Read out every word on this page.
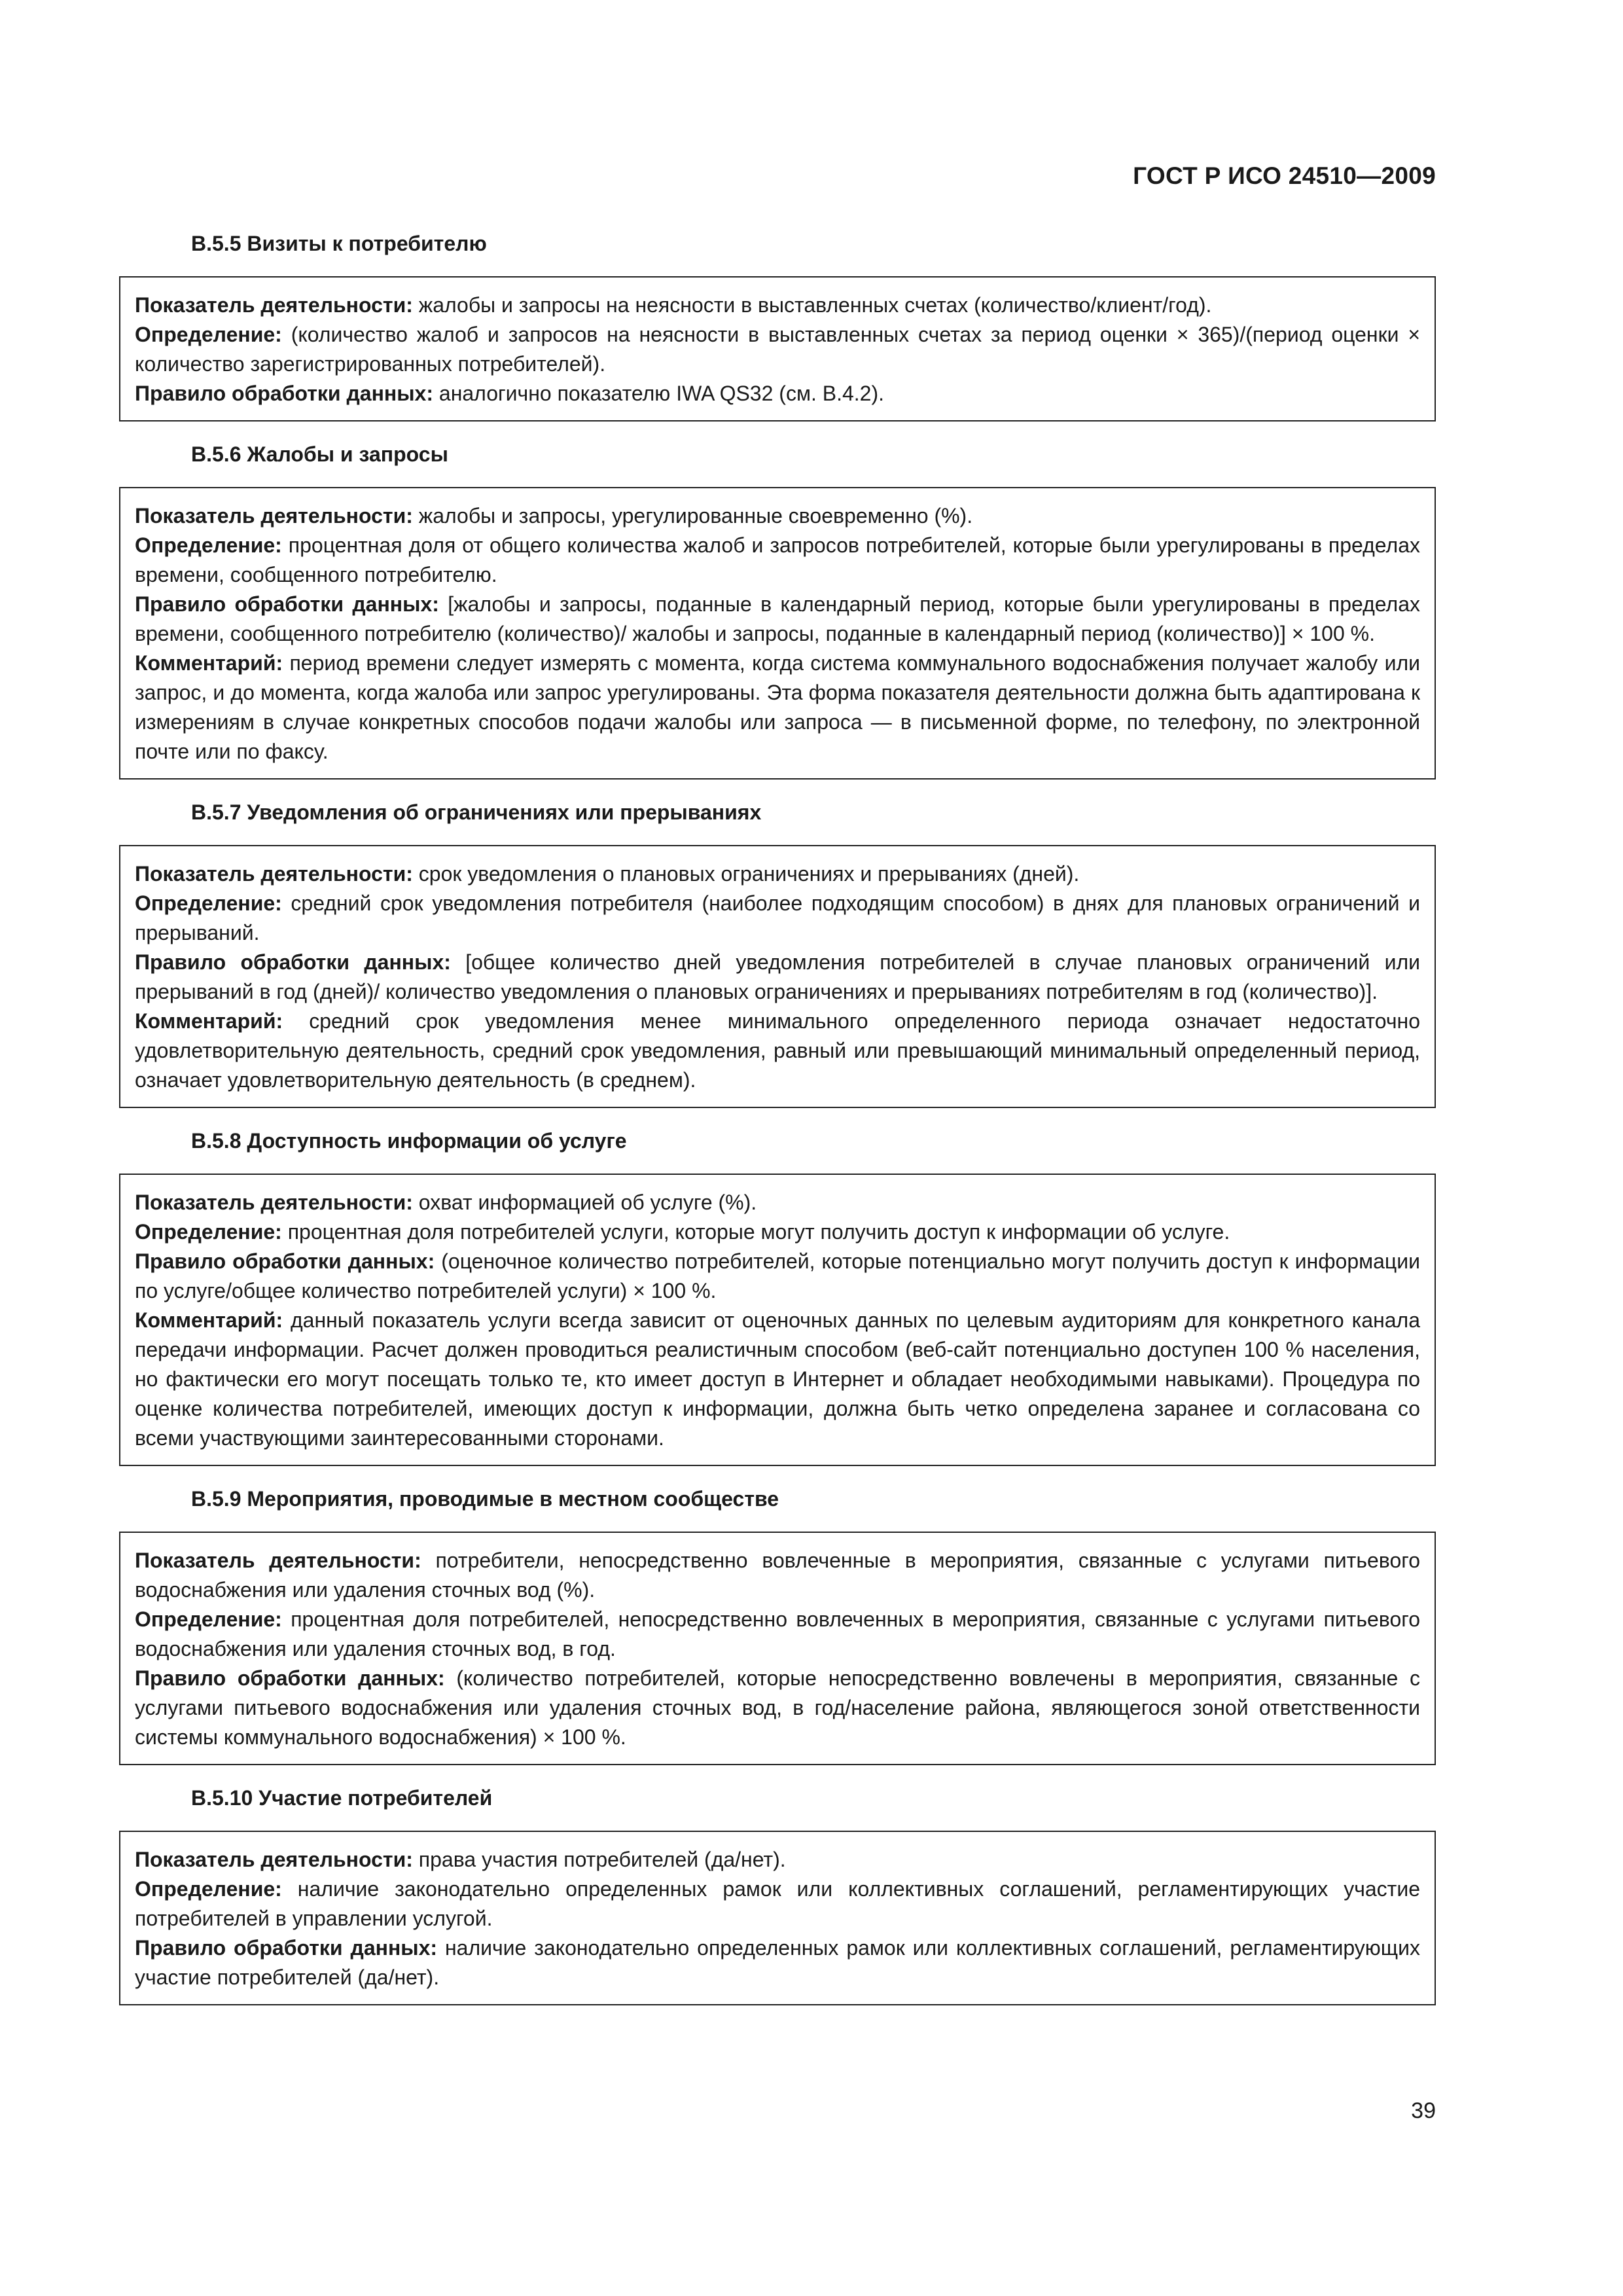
ГОСТ Р ИСО 24510—2009
B.5.5 Визиты к потребителю

Показатель деятельности: жалобы и запросы на неясности в выставленных счетах (количество/клиент/год).

Определение: (количество жалоб и запросов на неясности в выставленных счетах за период оценки × 365)/(период оценки × количество зарегистрированных потребителей).

Правило обработки данных: аналогично показателю IWA QS32 (см. B.4.2).

B.5.6 Жалобы и запросы

Показатель деятельности: жалобы и запросы, урегулированные своевременно (%).

Определение: процентная доля от общего количества жалоб и запросов потребителей, которые были урегулированы в пределах времени, сообщенного потребителю.

Правило обработки данных: [жалобы и запросы, поданные в календарный период, которые были урегулированы в пределах времени, сообщенного потребителю (количество)/ жалобы и запросы, поданные в календарный период (количество)] × 100 %.

Комментарий: период времени следует измерять с момента, когда система коммунального водоснабжения получает жалобу или запрос, и до момента, когда жалоба или запрос урегулированы. Эта форма показателя деятельности должна быть адаптирована к измерениям в случае конкретных способов подачи жалобы или запроса — в письменной форме, по телефону, по электронной почте или по факсу.

B.5.7 Уведомления об ограничениях или прерываниях

Показатель деятельности: срок уведомления о плановых ограничениях и прерываниях (дней).

Определение: средний срок уведомления потребителя (наиболее подходящим способом) в днях для плановых ограничений и прерываний.

Правило обработки данных: [общее количество дней уведомления потребителей в случае плановых ограничений или прерываний в год (дней)/ количество уведомления о плановых ограничениях и прерываниях потребителям в год (количество)].

Комментарий: средний срок уведомления менее минимального определенного периода означает недостаточно удовлетворительную деятельность, средний срок уведомления, равный или превышающий минимальный определенный период, означает удовлетворительную деятельность (в среднем).

B.5.8 Доступность информации об услуге

Показатель деятельности: охват информацией об услуге (%).

Определение: процентная доля потребителей услуги, которые могут получить доступ к информации об услуге.

Правило обработки данных: (оценочное количество потребителей, которые потенциально могут получить доступ к информации по услуге/общее количество потребителей услуги) × 100 %.

Комментарий: данный показатель услуги всегда зависит от оценочных данных по целевым аудиториям для конкретного канала передачи информации. Расчет должен проводиться реалистичным способом (веб-сайт потенциально доступен 100 % населения, но фактически его могут посещать только те, кто имеет доступ в Интернет и обладает необходимыми навыками). Процедура по оценке количества потребителей, имеющих доступ к информации, должна быть четко определена заранее и согласована со всеми участвующими заинтересованными сторонами.

B.5.9 Мероприятия, проводимые в местном сообществе

Показатель деятельности: потребители, непосредственно вовлеченные в мероприятия, связанные с услугами питьевого водоснабжения или удаления сточных вод (%).

Определение: процентная доля потребителей, непосредственно вовлеченных в мероприятия, связанные с услугами питьевого водоснабжения или удаления сточных вод, в год.

Правило обработки данных: (количество потребителей, которые непосредственно вовлечены в мероприятия, связанные с услугами питьевого водоснабжения или удаления сточных вод, в год/население района, являющегося зоной ответственности системы коммунального водоснабжения) × 100 %.

B.5.10 Участие потребителей

Показатель деятельности: права участия потребителей (да/нет).

Определение: наличие законодательно определенных рамок или коллективных соглашений, регламентирующих участие потребителей в управлении услугой.

Правило обработки данных: наличие законодательно определенных рамок или коллективных соглашений, регламентирующих участие потребителей (да/нет).

39
